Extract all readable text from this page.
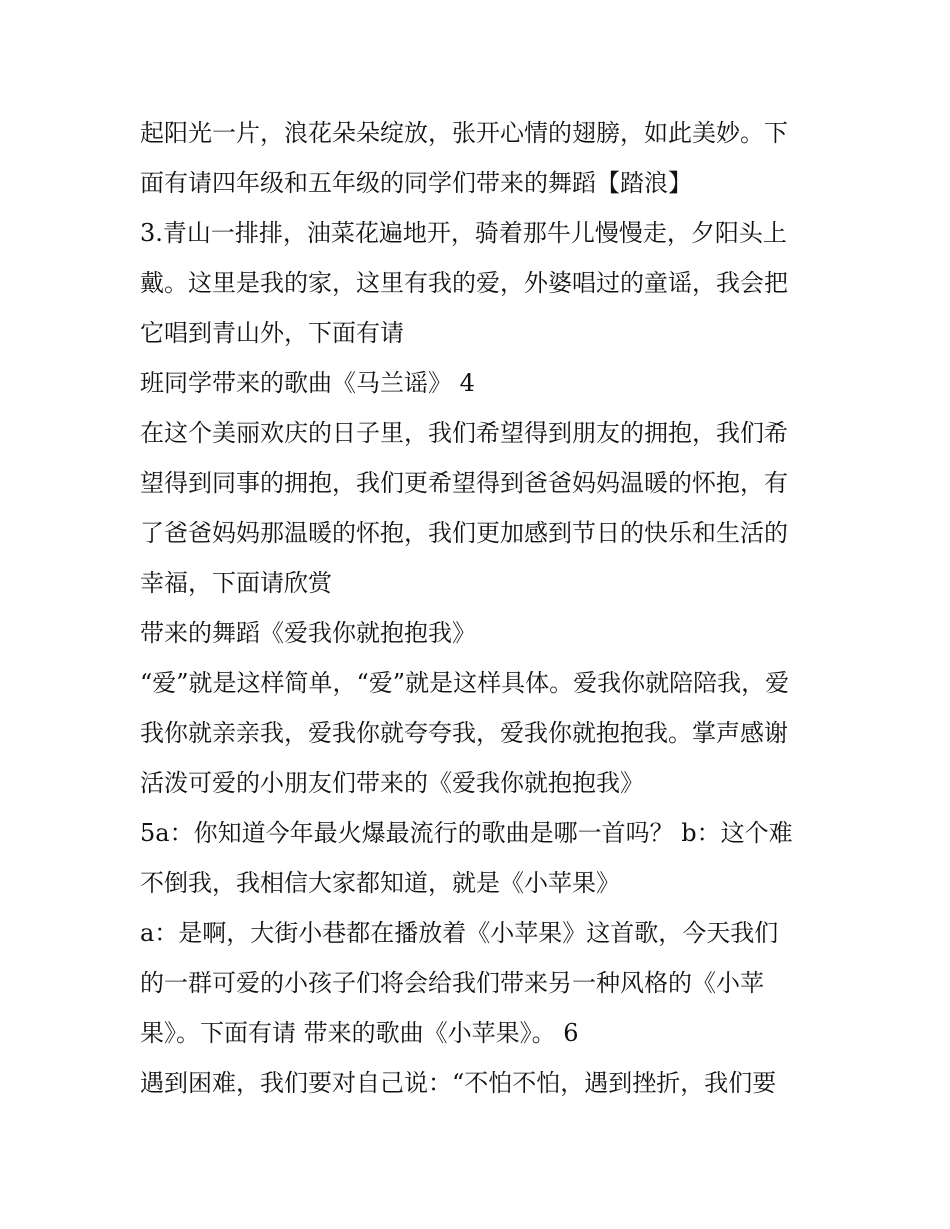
起阳光一片，浪花朵朵绽放，张开心情的翅膀，如此美妙。下
面有请四年级和五年级的同学们带来的舞蹈【踏浪】
3.青山一排排，油菜花遍地开，骑着那牛儿慢慢走，夕阳头上
戴。这里是我的家，这里有我的爱，外婆唱过的童谣，我会把
它唱到青山外，下面有请
班同学带来的歌曲《马兰谣》 4
在这个美丽欢庆的日子里，我们希望得到朋友的拥抱，我们希
望得到同事的拥抱，我们更希望得到爸爸妈妈温暖的怀抱，有
了爸爸妈妈那温暖的怀抱，我们更加感到节日的快乐和生活的
幸福，下面请欣赏
带来的舞蹈《爱我你就抱抱我》
“爱”就是这样简单，“爱”就是这样具体。爱我你就陪陪我，爱
我你就亲亲我，爱我你就夸夸我，爱我你就抱抱我。掌声感谢
活泼可爱的小朋友们带来的《爱我你就抱抱我》
5a：你知道今年最火爆最流行的歌曲是哪一首吗？ b：这个难
不倒我，我相信大家都知道，就是《小苹果》
a：是啊，大街小巷都在播放着《小苹果》这首歌，今天我们
的一群可爱的小孩子们将会给我们带来另一种风格的《小苹
果》。下面有请 带来的歌曲《小苹果》。 6
遇到困难，我们要对自己说：“不怕不怕，遇到挫折，我们要
